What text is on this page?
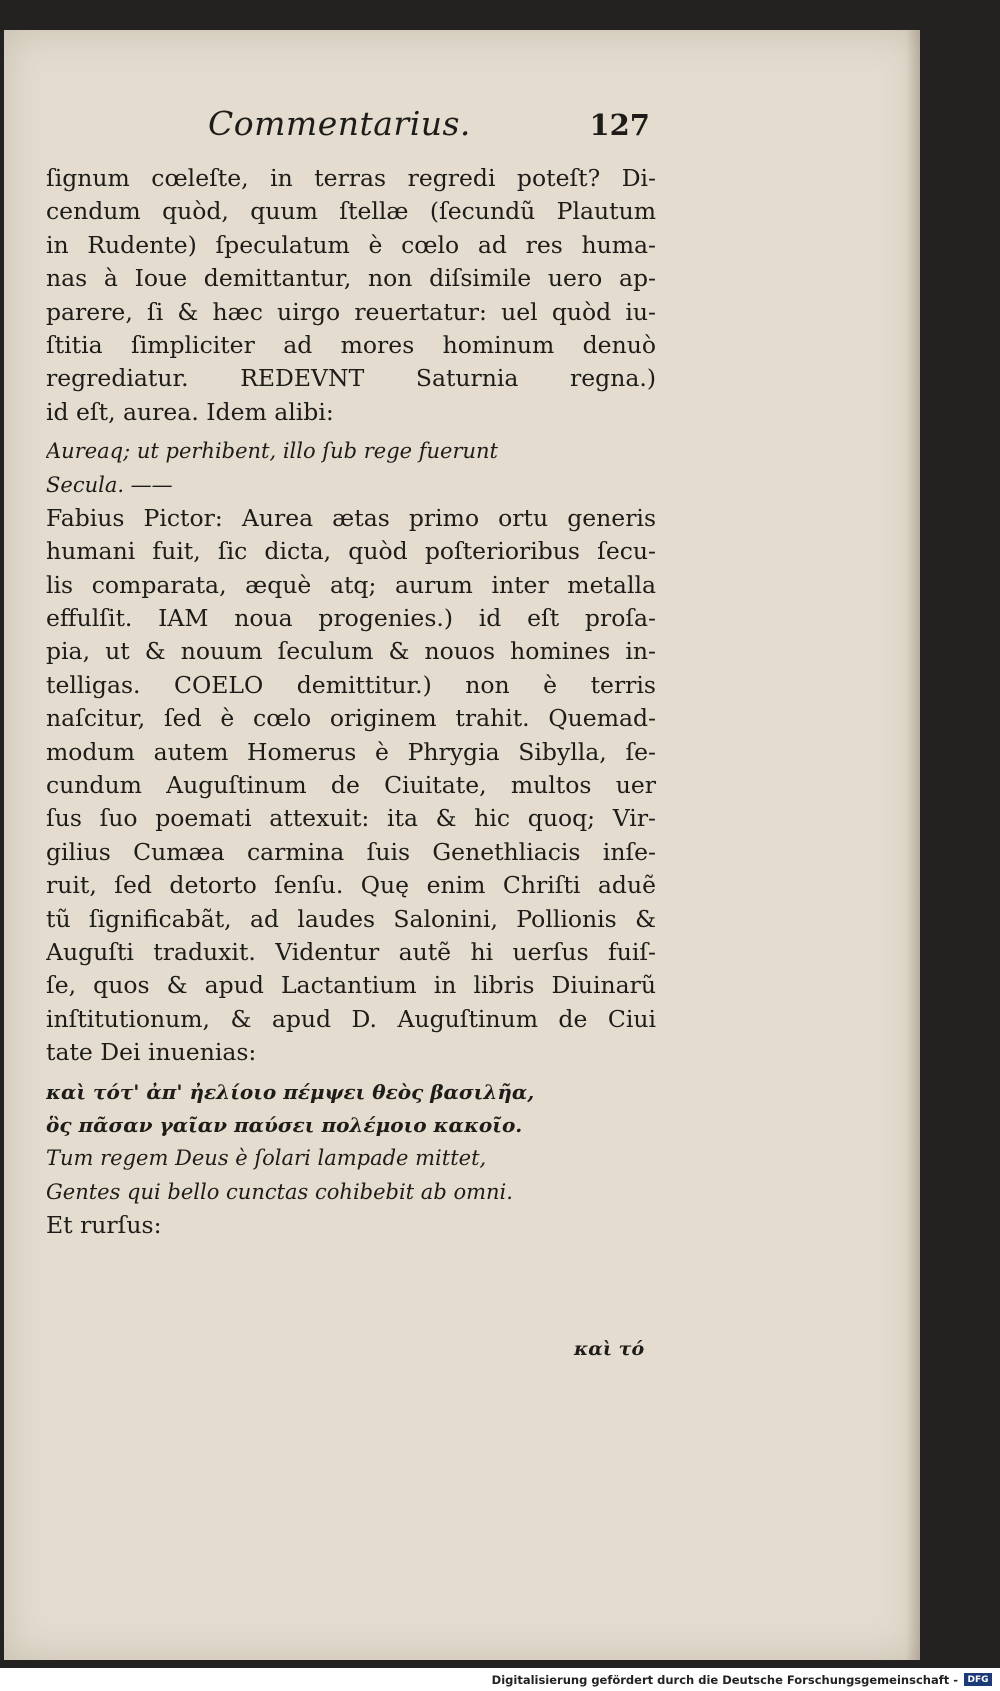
Commentarius.	127

ſignum cœleſte, in terras regredi poteſt? Di-

cendum quòd, quum ſtellæ (ſecundũ Plautum

in Rudente) ſpeculatum è cœlo ad res huma-

nas à Ioue demittantur, non diſsimile uero ap-

parere, ſi & hæc uirgo reuertatur: uel quòd iu-

ſtitia ſimpliciter ad mores hominum denuò

regrediatur. REDEVNT Saturnia regna.)

id eſt, aurea. Idem alibi:

Aureaq; ut perhibent, illo ſub rege fuerunt

Secula. ——

Fabius Pictor: Aurea ætas primo ortu generis

humani fuit, ſic dicta, quòd poſterioribus ſecu-

lis comparata, æquè atq; aurum inter metalla

effulſit. IAM noua progenies.) id eſt proſa-

pia, ut & nouum ſeculum & nouos homines in-

telligas. COELO demittitur.) non è terris

naſcitur, ſed è cœlo originem trahit. Quemad-

modum autem Homerus è Phrygia Sibylla, ſe-

cundum Auguſtinum de Ciuitate, multos uer

ſus ſuo poemati attexuit: ita & hic quoq; Vir-

gilius Cumæa carmina ſuis Genethliacis inſe-

ruit, ſed detorto ſenſu. Quę enim Chriſti aduẽ

tũ ſignificabãt, ad laudes Salonini, Pollionis &

Auguſti traduxit. Videntur autẽ hi uerſus fuiſ-

ſe, quos & apud Lactantium in libris Diuinarũ

inſtitutionum, & apud D. Auguſtinum de Ciui

tate Dei inuenias:

καὶ τότ' ἀπ' ἠελίοιο πέμψει θεὸς βασιλῆα,

ὃς πᾶσαν γαῖαν παύσει πολέμοιο κακοῖο.

Tum regem Deus è ſolari lampade mittet,

Gentes qui bello cunctas cohibebit ab omni.

Et rurſus:

καὶ τό
Digitalisierung gefördert durch die Deutsche Forschungsgemeinschaft -	DFG
